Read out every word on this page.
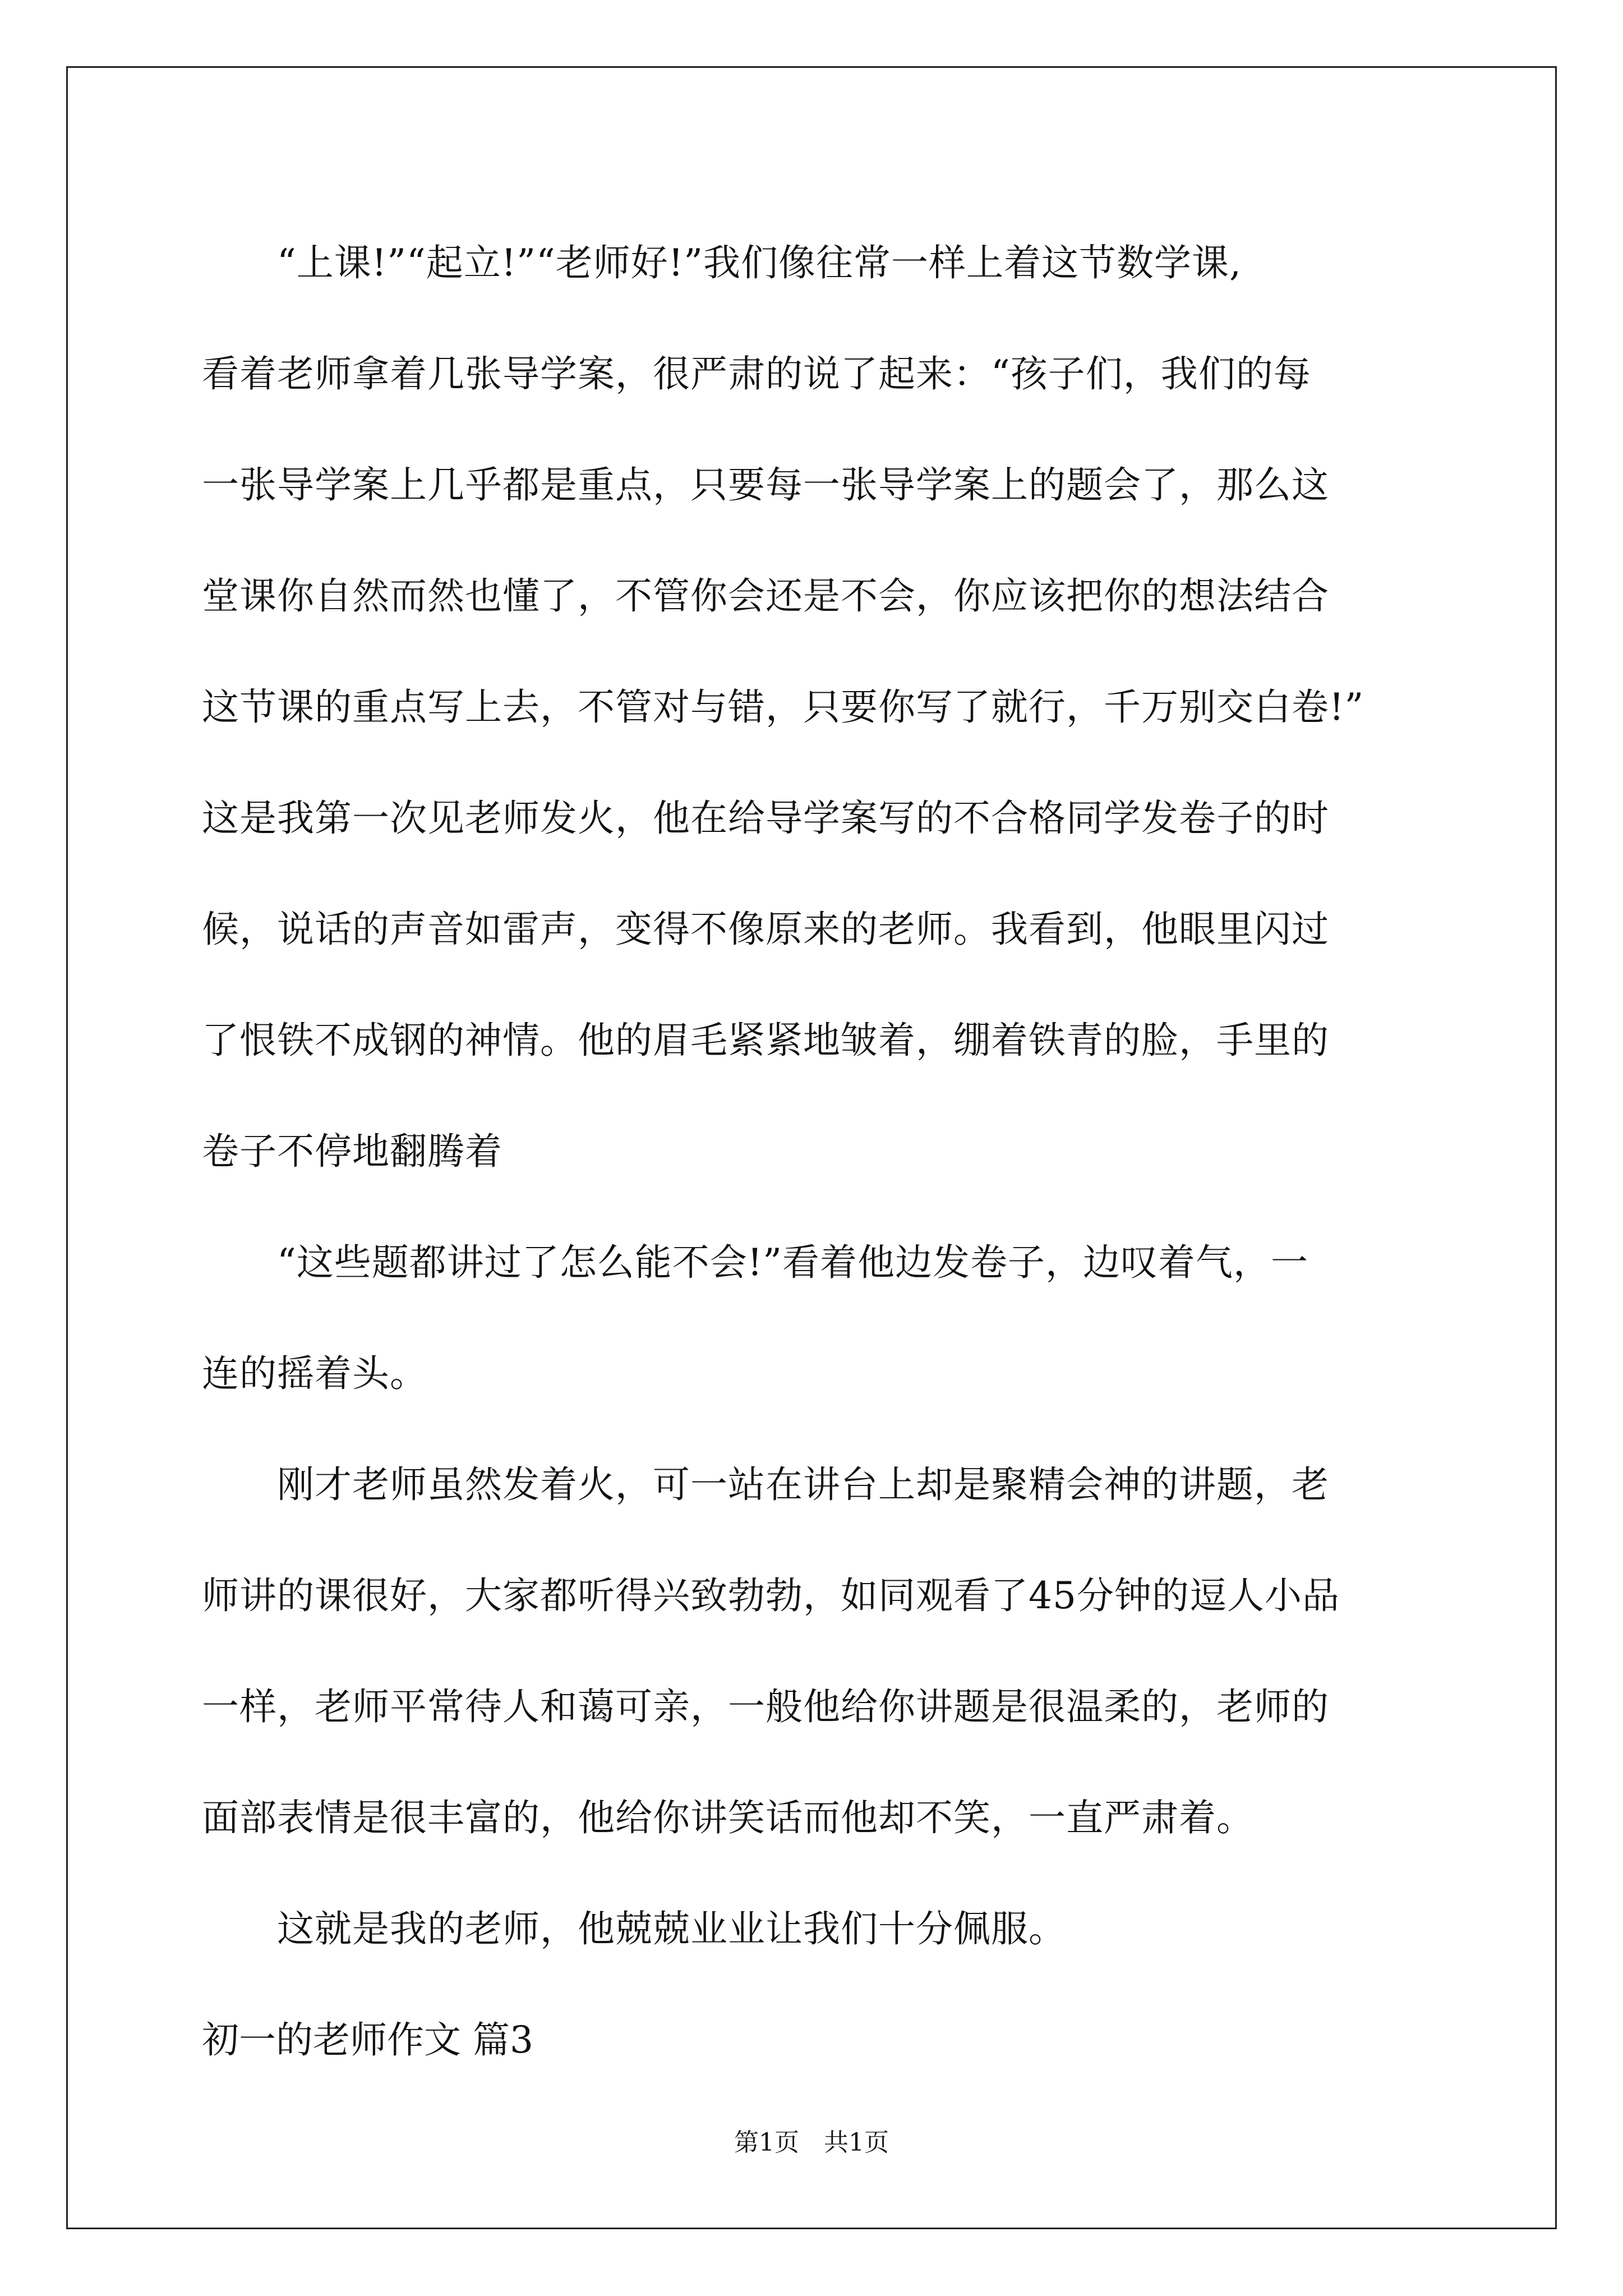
“上课!”“起立!”“老师好!”我们像往常一样上着这节数学课,
看着老师拿着几张导学案，很严肃的说了起来：“孩子们，我们的每
一张导学案上几乎都是重点，只要每一张导学案上的题会了，那么这
堂课你自然而然也懂了，不管你会还是不会，你应该把你的想法结合
这节课的重点写上去，不管对与错，只要你写了就行，千万别交白卷!”
这是我第一次见老师发火，他在给导学案写的不合格同学发卷子的时
候，说话的声音如雷声，变得不像原来的老师。我看到，他眼里闪过
了恨铁不成钢的神情。他的眉毛紧紧地皱着，绷着铁青的脸，手里的
卷子不停地翻腾着
“这些题都讲过了怎么能不会!”看着他边发卷子，边叹着气，一
连的摇着头。
刚才老师虽然发着火，可一站在讲台上却是聚精会神的讲题，老
师讲的课很好，大家都听得兴致勃勃，如同观看了45分钟的逗人小品
一样，老师平常待人和蔼可亲，一般他给你讲题是很温柔的，老师的
面部表情是很丰富的，他给你讲笑话而他却不笑，一直严肃着。
这就是我的老师，他兢兢业业让我们十分佩服。
初一的老师作文 篇3
第1页　共1页
